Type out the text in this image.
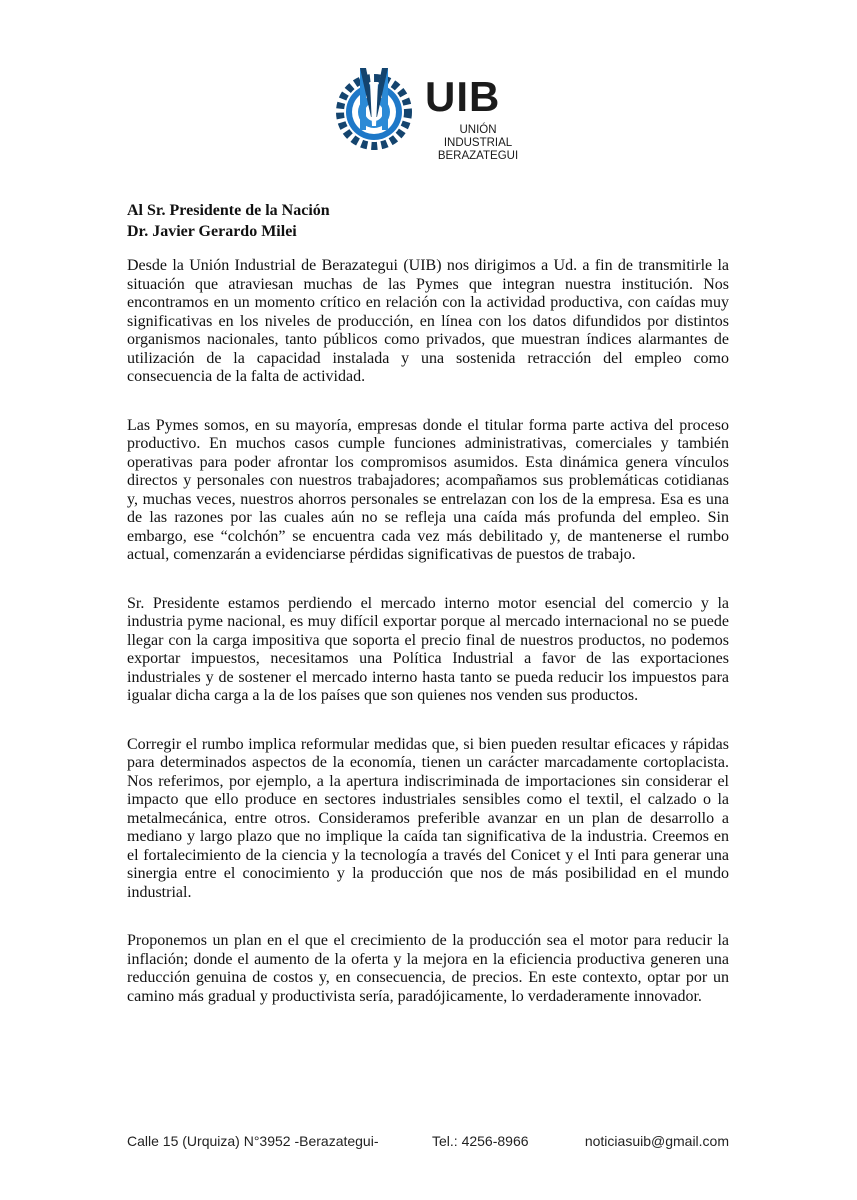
UIB
UNIÓN INDUSTRIAL
BERAZATEGUI
Al Sr. Presidente de la Nación
Dr. Javier Gerardo Milei

Desde la Unión Industrial de Berazategui (UIB) nos dirigimos a Ud. a fin de transmitirle la situación que atraviesan muchas de las Pymes que integran nuestra institución. Nos encontramos en un momento crítico en relación con la actividad productiva, con caídas muy significativas en los niveles de producción, en línea con los datos difundidos por distintos organismos nacionales, tanto públicos como privados, que muestran índices alarmantes de utilización de la capacidad instalada y una sostenida retracción del empleo como consecuencia de la falta de actividad.

Las Pymes somos, en su mayoría, empresas donde el titular forma parte activa del proceso productivo. En muchos casos cumple funciones administrativas, comerciales y también operativas para poder afrontar los compromisos asumidos. Esta dinámica genera vínculos directos y personales con nuestros trabajadores; acompañamos sus problemáticas cotidianas y, muchas veces, nuestros ahorros personales se entrelazan con los de la empresa. Esa es una de las razones por las cuales aún no se refleja una caída más profunda del empleo. Sin embargo, ese “colchón” se encuentra cada vez más debilitado y, de mantenerse el rumbo actual, comenzarán a evidenciarse pérdidas significativas de puestos de trabajo.

Sr. Presidente estamos perdiendo el mercado interno motor esencial del comercio y la industria pyme nacional, es muy difícil exportar porque al mercado internacional no se puede llegar con la carga impositiva que soporta el precio final de nuestros productos, no podemos exportar impuestos, necesitamos una Política Industrial a favor de las exportaciones industriales y de sostener el mercado interno hasta tanto se pueda reducir los impuestos para igualar dicha carga a la de los países que son quienes nos venden sus productos.

Corregir el rumbo implica reformular medidas que, si bien pueden resultar eficaces y rápidas para determinados aspectos de la economía, tienen un carácter marcadamente cortoplacista. Nos referimos, por ejemplo, a la apertura indiscriminada de importaciones sin considerar el impacto que ello produce en sectores industriales sensibles como el textil, el calzado o la metalmecánica, entre otros. Consideramos preferible avanzar en un plan de desarrollo a mediano y largo plazo que no implique la caída tan significativa de la industria. Creemos en el fortalecimiento de la ciencia y la tecnología a través del Conicet y el Inti para generar una sinergia entre el conocimiento y la producción que nos de más posibilidad en el mundo industrial.

Proponemos un plan en el que el crecimiento de la producción sea el motor para reducir la inflación; donde el aumento de la oferta y la mejora en la eficiencia productiva generen una reducción genuina de costos y, en consecuencia, de precios. En este contexto, optar por un camino más gradual y productivista sería, paradójicamente, lo verdaderamente innovador.

Calle 15 (Urquiza) N°3952 -Berazategui-	Tel.: 4256-8966	noticiasuib@gmail.com
